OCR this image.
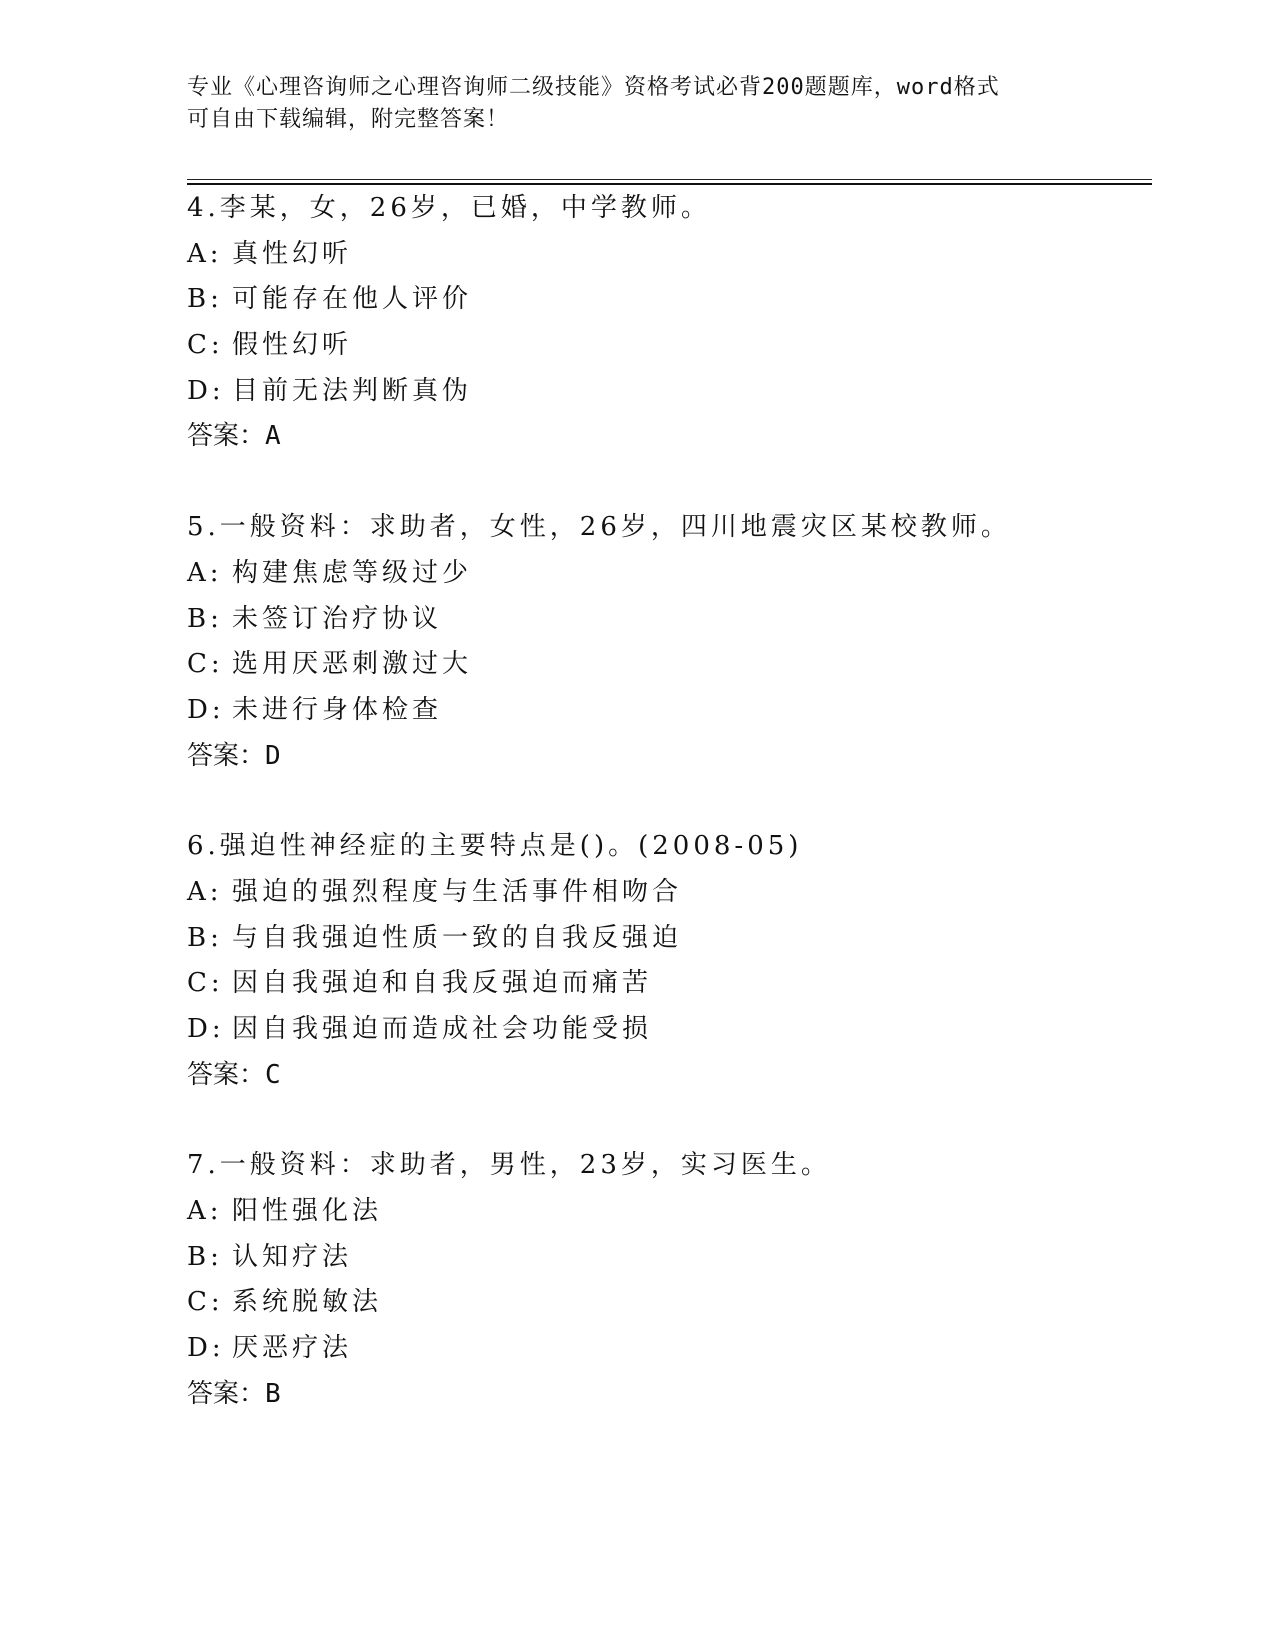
专业《心理咨询师之心理咨询师二级技能》资格考试必背200题题库，word格式
可自由下载编辑，附完整答案！
4.李某，女，26岁，已婚，中学教师。
A: 真性幻听
B: 可能存在他人评价
C: 假性幻听
D: 目前无法判断真伪
答案：A
5.一般资料：求助者，女性，26岁，四川地震灾区某校教师。
A: 构建焦虑等级过少
B: 未签订治疗协议
C: 选用厌恶刺激过大
D: 未进行身体检查
答案：D
6.强迫性神经症的主要特点是()。(2008-05)
A: 强迫的强烈程度与生活事件相吻合
B: 与自我强迫性质一致的自我反强迫
C: 因自我强迫和自我反强迫而痛苦
D: 因自我强迫而造成社会功能受损
答案：C
7.一般资料：求助者，男性，23岁，实习医生。
A: 阳性强化法
B: 认知疗法
C: 系统脱敏法
D: 厌恶疗法
答案：B
